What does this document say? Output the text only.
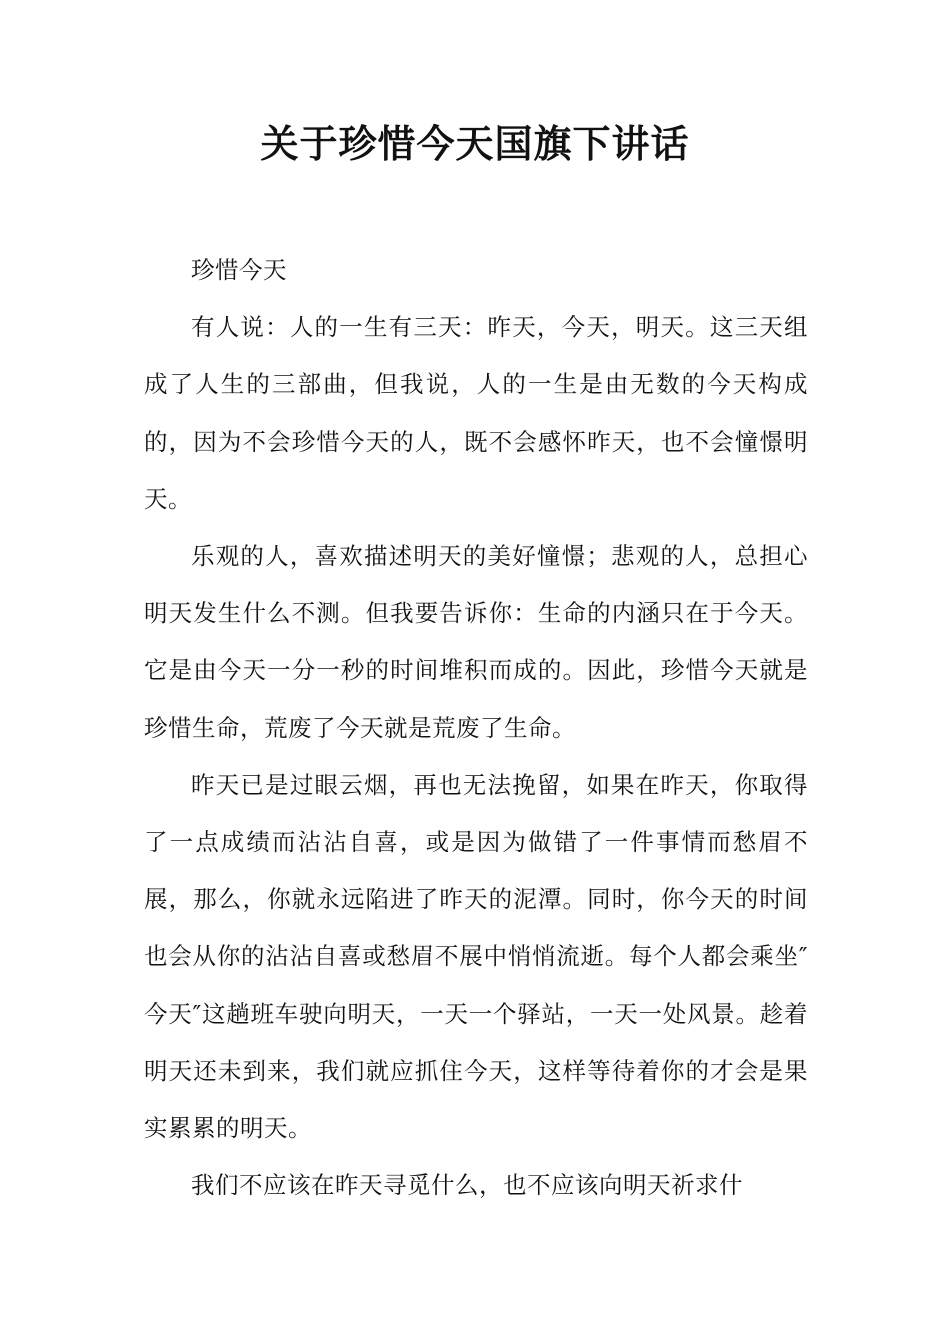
关于珍惜今天国旗下讲话

珍惜今天

有人说：人的一生有三天：昨天，今天，明天。这三天组成了人生的三部曲，但我说，人的一生是由无数的今天构成的，因为不会珍惜今天的人，既不会感怀昨天，也不会憧憬明天。

乐观的人，喜欢描述明天的美好憧憬；悲观的人，总担心明天发生什么不测。但我要告诉你：生命的内涵只在于今天。它是由今天一分一秒的时间堆积而成的。因此，珍惜今天就是珍惜生命，荒废了今天就是荒废了生命。

昨天已是过眼云烟，再也无法挽留，如果在昨天，你取得了一点成绩而沾沾自喜，或是因为做错了一件事情而愁眉不展，那么，你就永远陷进了昨天的泥潭。同时，你今天的时间也会从你的沾沾自喜或愁眉不展中悄悄流逝。每个人都会乘坐″今天″这趟班车驶向明天，一天一个驿站，一天一处风景。趁着明天还未到来，我们就应抓住今天，这样等待着你的才会是果实累累的明天。

我们不应该在昨天寻觅什么，也不应该向明天祈求什
